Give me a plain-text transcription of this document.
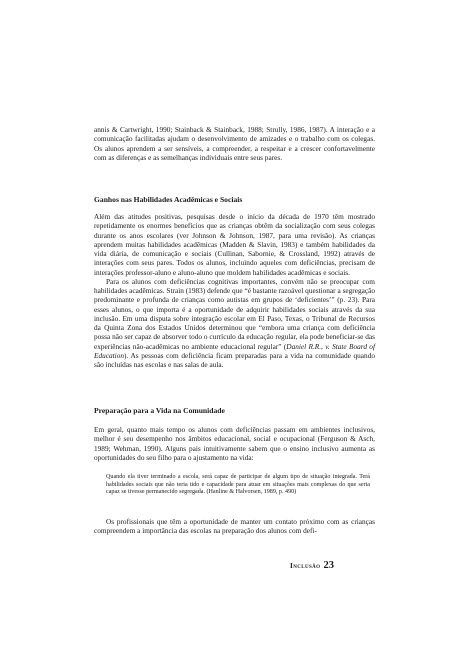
annis & Cartwright, 1990; Stainback & Stainback, 1988; Strully, 1986, 1987). A interação e a comunicação facilitadas ajudam o desenvolvimento de amizades e o trabalho com os colegas. Os alunos aprendem a ser sensíveis, a compreender, a respeitar e a crescer confortavelmente com as diferenças e as semelhanças individuais entre seus pares.

Ganhos nas Habilidades Acadêmicas e Sociais

Além das atitudes positivas, pesquisas desde o início da década de 1970 têm mostrado repetidamente os enormes benefícios que as crianças obtêm da socialização com seus colegas durante os anos escolares (ver Johnson & Johnson, 1987, para uma revisão). As crianças aprendem muitas habilidades acadêmicas (Madden & Slavin, 1983) e também habilidades da vida diária, de comunicação e sociais (Cullinan, Sabornie, & Crossland, 1992) através de interações com seus pares. Todos os alunos, incluindo aqueles com deficiências, precisam de interações professor-aluno e aluno-aluno que moldem habilidades acadêmicas e sociais.

Para os alunos com deficiências cognitivas importantes, convém não se preocupar com habilidades acadêmicas. Strain (1983) defende que “é bastante razoável questionar a segregação predominante e profunda de crianças como autistas em grupos de ‘deficientes’” (p. 23). Para esses alunos, o que importa é a oportunidade de adquirir habilidades sociais através da sua inclusão. Em uma disputa sobre integração escolar em El Paso, Texas, o Tribunal de Recursos da Quinta Zona dos Estados Unidos determinou que “embora uma criança com deficiência possa não ser capaz de absorver todo o currículo da educação regular, ela pode beneficiar-se das experiências não-acadêmicas no ambiente educacional regular” (Daniel R.R., v. State Board of Education). As pessoas com deficiência ficam preparadas para a vida na comunidade quando são incluídas nas escolas e nas salas de aula.

Preparação para a Vida na Comunidade

Em geral, quanto mais tempo os alunos com deficiências passam em ambientes inclusivos, melhor é seu desempenho nos âmbitos educacional, social e ocupacional (Ferguson & Asch, 1989; Wehman, 1990). Alguns pais intuitivamente sabem que o ensino inclusivo aumenta as oportunidades do seu filho para o ajustamento na vida:

Quando ela tiver terminado a escola, será capaz de participar de algum tipo de situação integrada. Terá habilidades sociais que não teria tido e capacidade para atuar em situações mais complexas do que seria capaz se tivesse permanecido segregada. (Hanline & Halvorsen, 1989, p. 490)

Os profissionais que têm a oportunidade de manter um contato próximo com as crianças compreendem a importância das escolas na preparação dos alunos com defi-

Inclusão 23
